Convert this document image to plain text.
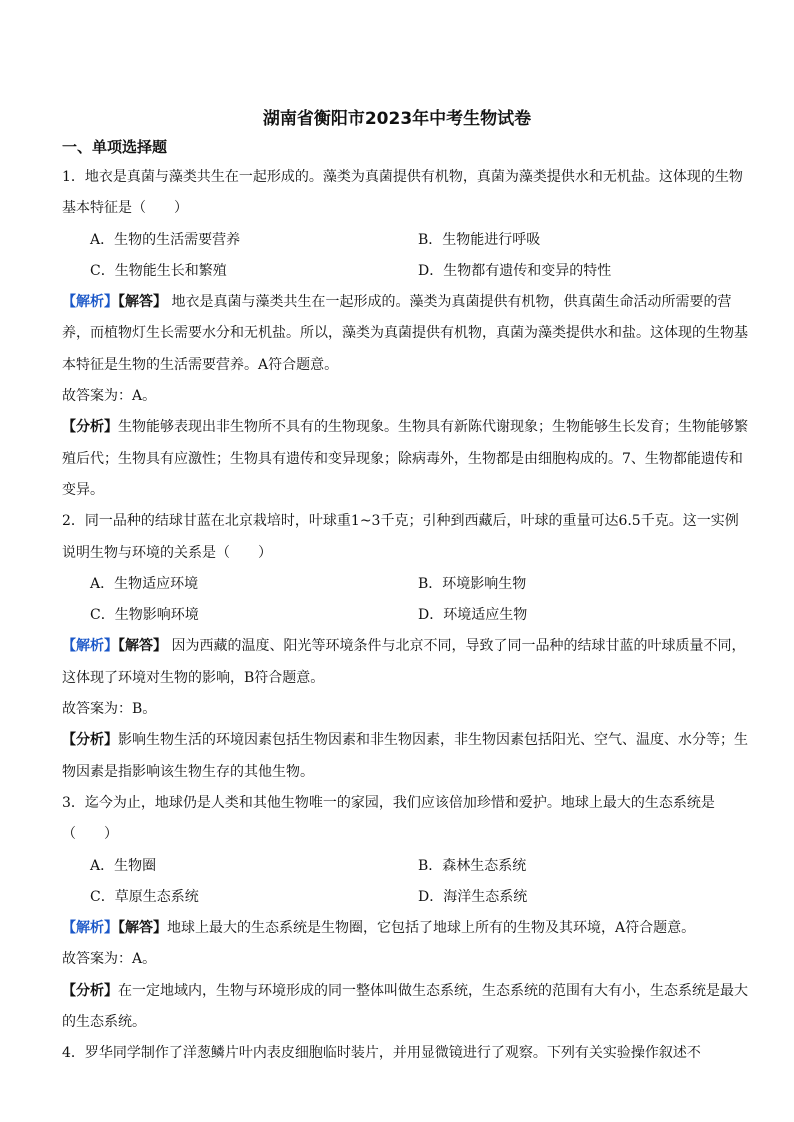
湖南省衡阳市2023年中考生物试卷
一、单项选择题

1．地衣是真菌与藻类共生在一起形成的。藻类为真菌提供有机物，真菌为藻类提供水和无机盐。这体现的生物基本特征是（　　）

A．生物的生活需要营养	B．生物能进行呼吸
C．生物能生长和繁殖	D．生物都有遗传和变异的特性

【解析】【解答】 地衣是真菌与藻类共生在一起形成的。藻类为真菌提供有机物，供真菌生命活动所需要的营养，而植物灯生长需要水分和无机盐。所以，藻类为真菌提供有机物，真菌为藻类提供水和盐。这体现的生物基本特征是生物的生活需要营养。A符合题意。

故答案为：A。

【分析】生物能够表现出非生物所不具有的生物现象。生物具有新陈代谢现象；生物能够生长发育；生物能够繁殖后代；生物具有应激性；生物具有遗传和变异现象；除病毒外，生物都是由细胞构成的。7、生物都能遗传和变异。

2．同一品种的结球甘蓝在北京栽培时，叶球重1~3千克；引种到西藏后，叶球的重量可达6.5千克。这一实例说明生物与环境的关系是（　　）

A．生物适应环境	B．环境影响生物
C．生物影响环境	D．环境适应生物

【解析】【解答】 因为西藏的温度、阳光等环境条件与北京不同，导致了同一品种的结球甘蓝的叶球质量不同，这体现了环境对生物的影响，B符合题意。

故答案为：B。

【分析】影响生物生活的环境因素包括生物因素和非生物因素，非生物因素包括阳光、空气、温度、水分等；生物因素是指影响该生物生存的其他生物。

3．迄今为止，地球仍是人类和其他生物唯一的家园，我们应该倍加珍惜和爱护。地球上最大的生态系统是（　　）

A．生物圈	B．森林生态系统
C．草原生态系统	D．海洋生态系统

【解析】【解答】地球上最大的生态系统是生物圈，它包括了地球上所有的生物及其环境，A符合题意。

故答案为：A。

【分析】在一定地域内，生物与环境形成的同一整体叫做生态系统，生态系统的范围有大有小，生态系统是最大的生态系统。

4．罗华同学制作了洋葱鳞片叶内表皮细胞临时装片，并用显微镜进行了观察。下列有关实验操作叙述不
